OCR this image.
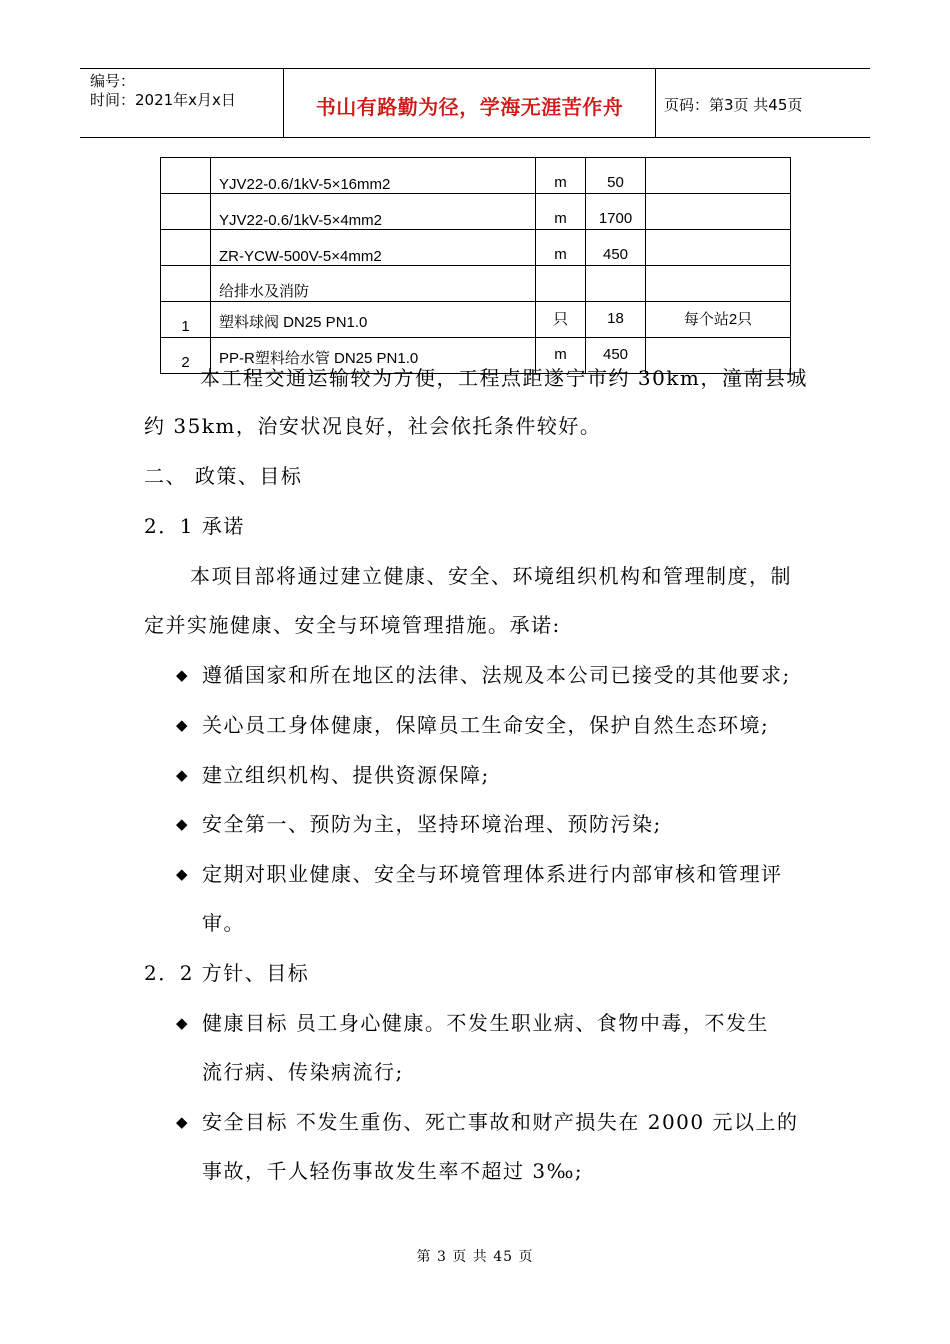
编号：
时间：2021年x月x日	书山有路勤为径，学海无涯苦作舟	页码：第3页 共45页
	YJV22-0.6/1kV-5×16mm2	m	50	
	YJV22-0.6/1kV-5×4mm2	m	1700	
	ZR-YCW-500V-5×4mm2	m	450	
	给排水及消防			
1	塑料球阀 DN25 PN1.0	只	18	每个站2只
2	PP-R塑料给水管 DN25 PN1.0	m	450	
本工程交通运输较为方便，工程点距遂宁市约 30km，潼南县城
约 35km，治安状况良好，社会依托条件较好。
二、 政策、目标
2．1 承诺
本项目部将通过建立健康、安全、环境组织机构和管理制度，制
定并实施健康、安全与环境管理措施。承诺:
◆ 遵循国家和所在地区的法律、法规及本公司已接受的其他要求;
◆ 关心员工身体健康，保障员工生命安全，保护自然生态环境;
◆ 建立组织机构、提供资源保障;
◆ 安全第一、预防为主，坚持环境治理、预防污染;
◆ 定期对职业健康、安全与环境管理体系进行内部审核和管理评
审。
2．2 方针、目标
◆ 健康目标 员工身心健康。不发生职业病、食物中毒，不发生
流行病、传染病流行;
◆ 安全目标 不发生重伤、死亡事故和财产损失在 2000 元以上的
事故，千人轻伤事故发生率不超过 3‰;
第 3 页 共 45 页
